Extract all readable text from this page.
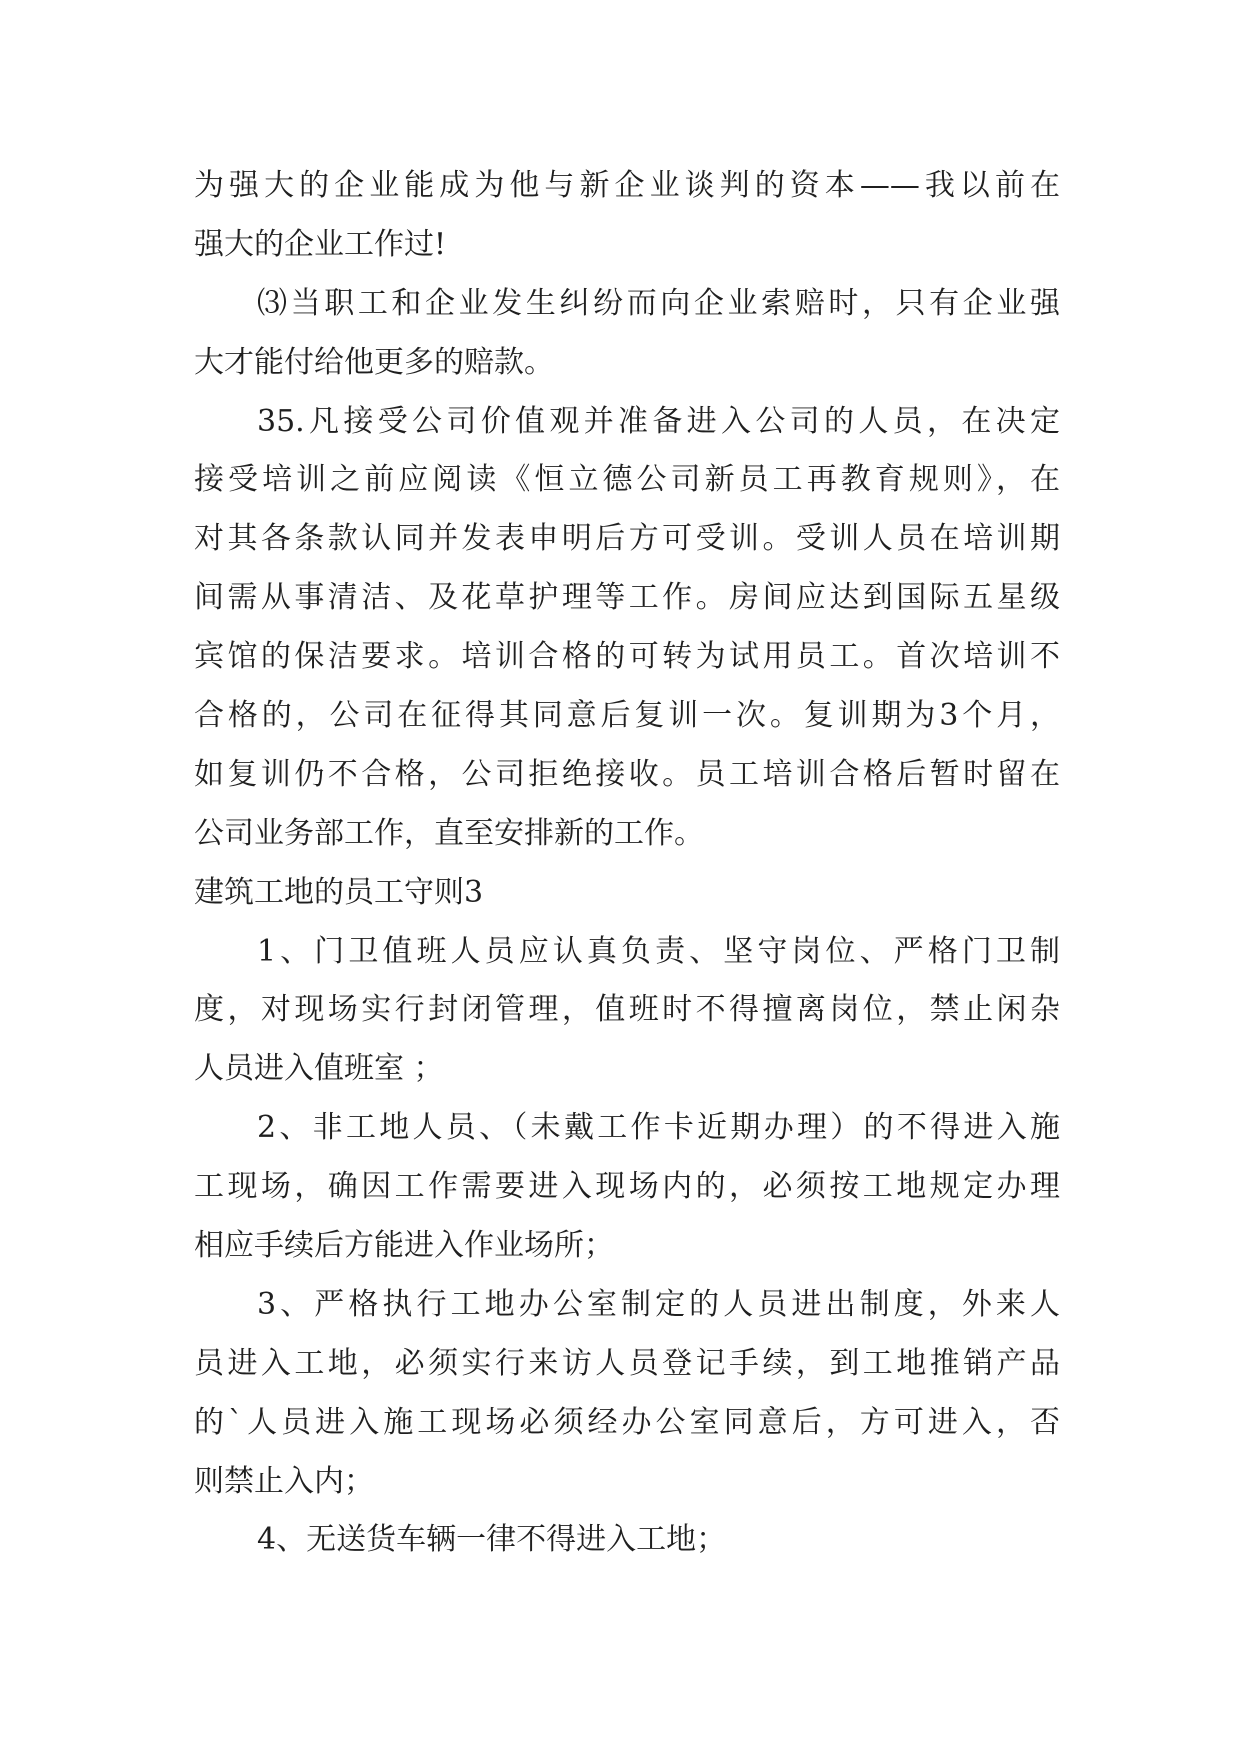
为强大的企业能成为他与新企业谈判的资本——我以前在
强大的企业工作过!
⑶当职工和企业发生纠纷而向企业索赔时，只有企业强
大才能付给他更多的赔款。
35.凡接受公司价值观并准备进入公司的人员，在决定
接受培训之前应阅读《恒立德公司新员工再教育规则》，在
对其各条款认同并发表申明后方可受训。受训人员在培训期
间需从事清洁、及花草护理等工作。房间应达到国际五星级
宾馆的保洁要求。培训合格的可转为试用员工。首次培训不
合格的，公司在征得其同意后复训一次。复训期为3个月，
如复训仍不合格，公司拒绝接收。员工培训合格后暂时留在
公司业务部工作，直至安排新的工作。
建筑工地的员工守则3
1、门卫值班人员应认真负责、坚守岗位、严格门卫制
度，对现场实行封闭管理，值班时不得擅离岗位，禁止闲杂
人员进入值班室 ；
2、非工地人员、（未戴工作卡近期办理）的不得进入施
工现场，确因工作需要进入现场内的，必须按工地规定办理
相应手续后方能进入作业场所；
3、严格执行工地办公室制定的人员进出制度，外来人
员进入工地，必须实行来访人员登记手续，到工地推销产品
的`人员进入施工现场必须经办公室同意后，方可进入，否
则禁止入内；
4、无送货车辆一律不得进入工地；
